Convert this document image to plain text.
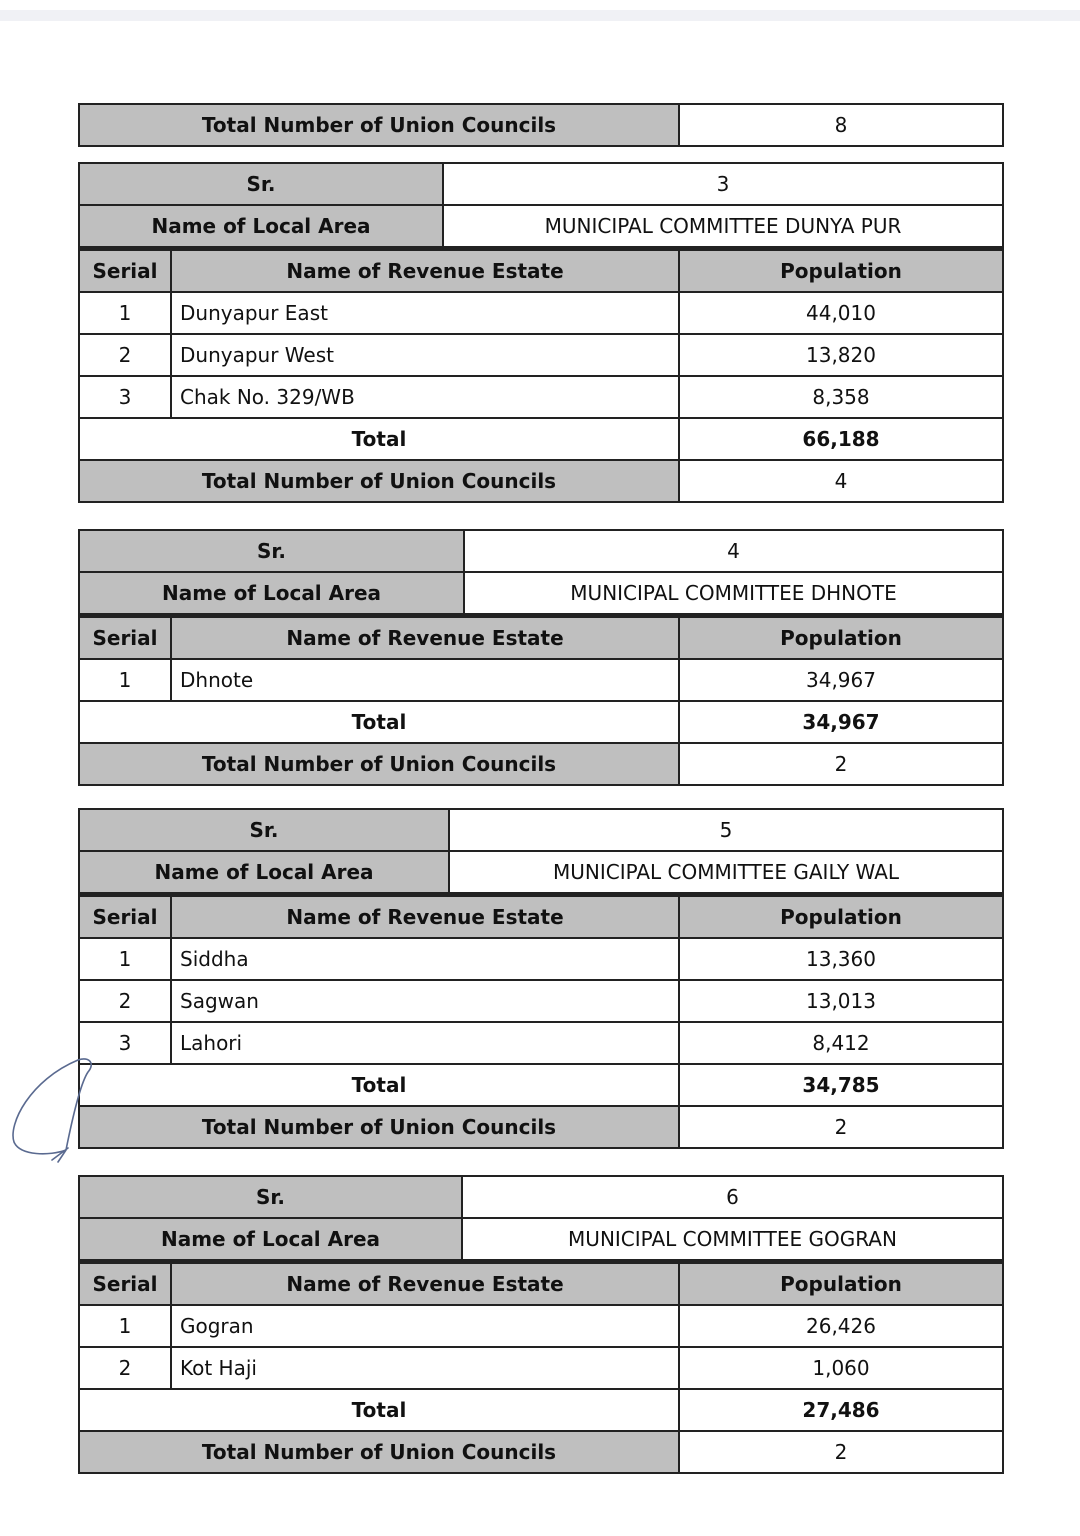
Total Number of Union Councils	8
Sr.	3
Name of Local Area	MUNICIPAL COMMITTEE DUNYA PUR
Serial	Name of Revenue Estate	Population
1	Dunyapur East	44,010
2	Dunyapur West	13,820
3	Chak No. 329/WB	8,358
Total		66,188
Total Number of Union Councils		4
Sr.	4
Name of Local Area	MUNICIPAL COMMITTEE DHNOTE
Serial	Name of Revenue Estate	Population
1	Dhnote	34,967
Total		34,967
Total Number of Union Councils		2
Sr.	5
Name of Local Area	MUNICIPAL COMMITTEE GAILY WAL
Serial	Name of Revenue Estate	Population
1	Siddha	13,360
2	Sagwan	13,013
3	Lahori	8,412
Total		34,785
Total Number of Union Councils		2
Sr.	6
Name of Local Area	MUNICIPAL COMMITTEE GOGRAN
Serial	Name of Revenue Estate	Population
1	Gogran	26,426
2	Kot Haji	1,060
Total		27,486
Total Number of Union Councils		2
